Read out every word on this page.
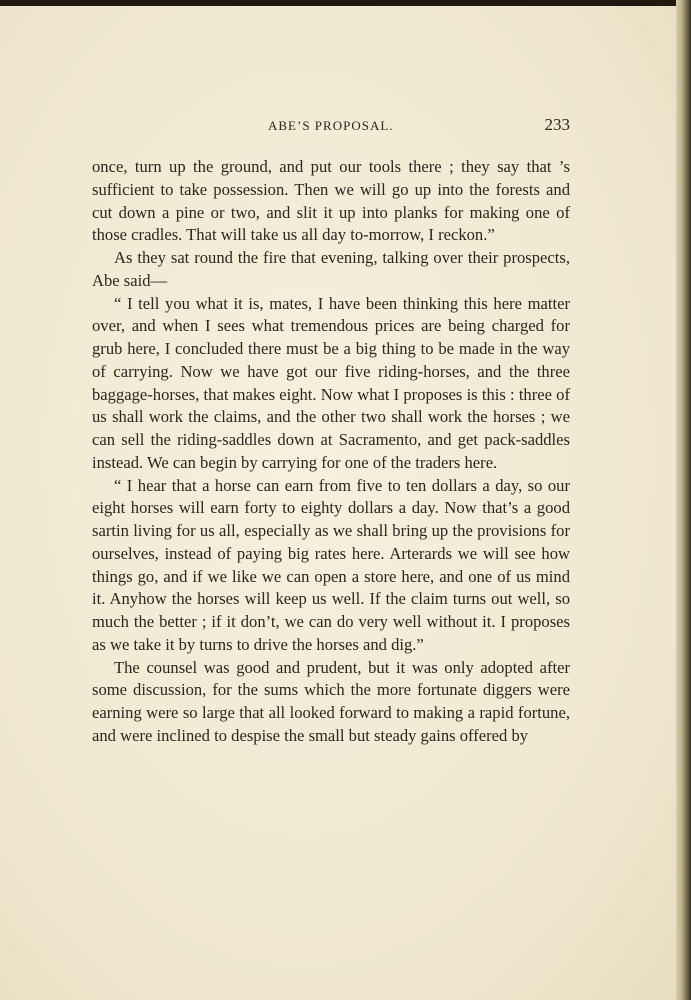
ABE’S PROPOSAL.	233

once, turn up the ground, and put our tools there ; they say that ’s sufficient to take possession. Then we will go up into the forests and cut down a pine or two, and slit it up into planks for making one of those cradles. That will take us all day to-morrow, I reckon.”

As they sat round the fire that evening, talking over their prospects, Abe said—

“ I tell you what it is, mates, I have been thinking this here matter over, and when I sees what tremendous prices are being charged for grub here, I concluded there must be a big thing to be made in the way of carrying. Now we have got our five riding-horses, and the three baggage-horses, that makes eight. Now what I proposes is this : three of us shall work the claims, and the other two shall work the horses ; we can sell the riding-saddles down at Sacramento, and get pack-saddles instead. We can begin by carrying for one of the traders here.

“ I hear that a horse can earn from five to ten dollars a day, so our eight horses will earn forty to eighty dollars a day. Now that’s a good sartin living for us all, especially as we shall bring up the provisions for ourselves, instead of paying big rates here. Arterards we will see how things go, and if we like we can open a store here, and one of us mind it. Anyhow the horses will keep us well. If the claim turns out well, so much the better ; if it don’t, we can do very well without it. I proposes as we take it by turns to drive the horses and dig.”

The counsel was good and prudent, but it was only adopted after some discussion, for the sums which the more fortunate diggers were earning were so large that all looked forward to making a rapid fortune, and were inclined to despise the small but steady gains offered by
